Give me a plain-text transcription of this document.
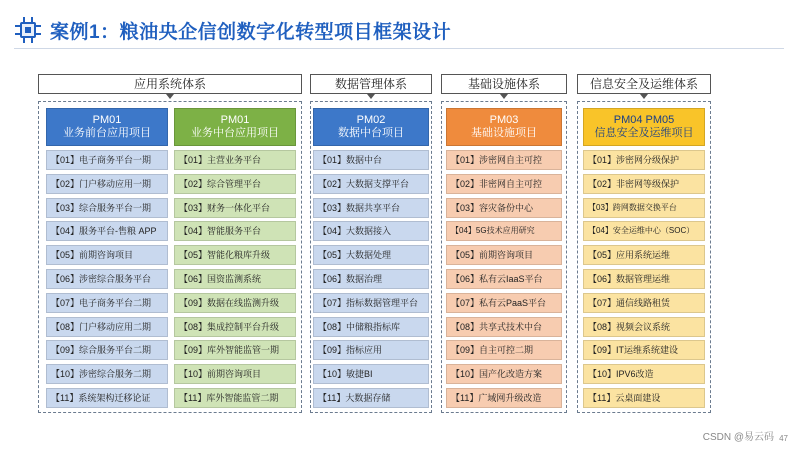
案例1：粮油央企信创数字化转型项目框架设计
应用系统体系	数据管理体系	基础设施体系	信息安全及运维体系
PM01
业务前台应用项目
【01】电子商务平台一期
【02】门户移动应用一期
【03】综合服务平台一期
【04】服务平台-售粮 APP
【05】前期咨询项目
【06】涉密综合服务平台
【07】电子商务平台二期
【08】门户移动应用二期
【09】综合服务平台二期
【10】涉密综合服务二期
【11】系统架构迁移论证
PM01
业务中台应用项目
【01】主营业务平台
【02】综合管理平台
【03】财务一体化平台
【04】智能服务平台
【05】智能化粮库升级
【06】国资监测系统
【09】数据在线监测升级
【08】集成控制平台升级
【09】库外智能监管一期
【10】前期咨询项目
【11】库外智能监管二期
PM02
数据中台项目
【01】数据中台
【02】大数据支撑平台
【03】数据共享平台
【04】大数据接入
【05】大数据处理
【06】数据治理
【07】指标数据管理平台
【08】中储粮指标库
【09】指标应用
【10】敏捷BI
【11】大数据存储
PM03
基础设施项目
【01】涉密网自主可控
【02】非密网自主可控
【03】容灾备份中心
【04】5G技术应用研究
【05】前期咨询项目
【06】私有云IaaS平台
【07】私有云PaaS平台
【08】共享式技术中台
【09】自主可控二期
【10】国产化改造方案
【11】广域网升级改造
PM04 PM05
信息安全及运维项目
【01】涉密网分级保护
【02】非密网等级保护
【03】跨网数据交换平台
【04】安全运维中心（SOC）
【05】应用系统运维
【06】数据管理运维
【07】通信线路租赁
【08】视频会议系统
【09】IT运维系统建设
【10】IPV6改造
【11】云桌面建设
CSDN @易云码 47
